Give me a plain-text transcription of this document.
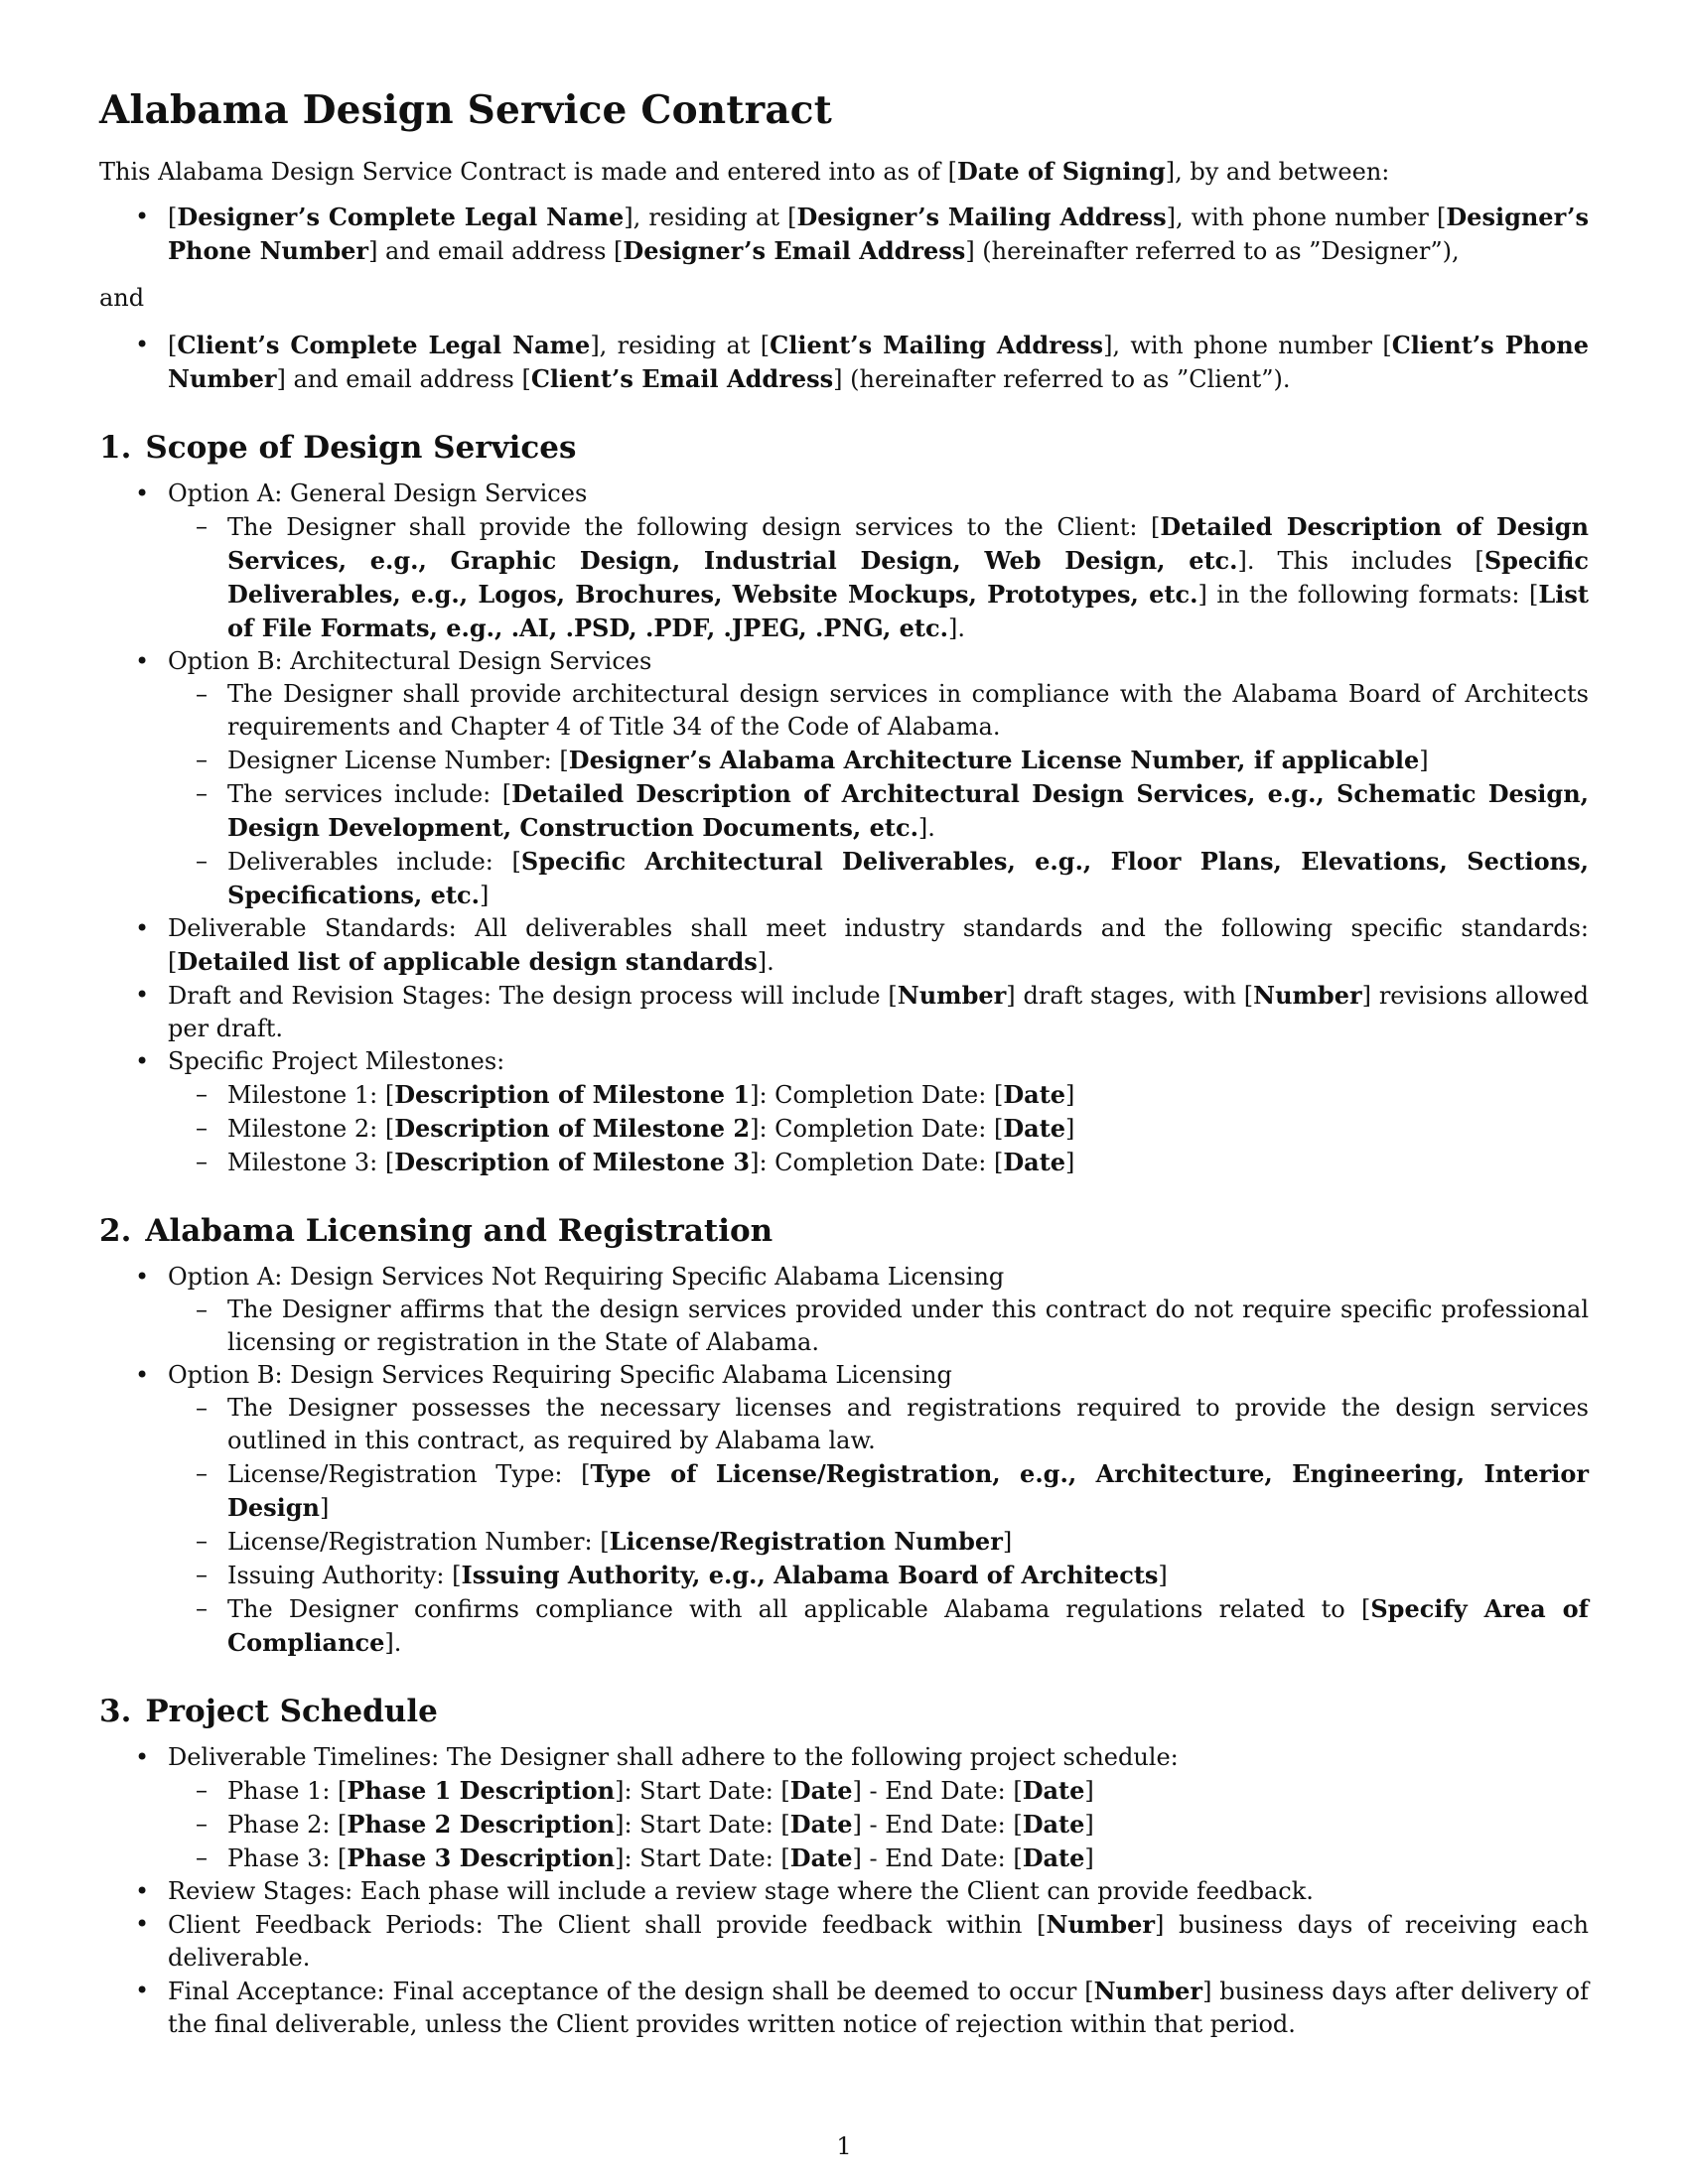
Alabama Design Service Contract

This Alabama Design Service Contract is made and entered into as of [Date of Signing], by and between:

• [Designer’s Complete Legal Name], residing at [Designer’s Mailing Address], with phone number [Designer’s Phone Number] and email address [Designer’s Email Address] (hereinafter referred to as ”Designer”),

and

• [Client’s Complete Legal Name], residing at [Client’s Mailing Address], with phone number [Client’s Phone Number] and email address [Client’s Email Address] (hereinafter referred to as ”Client”).
1. Scope of Design Services
• Option A: General Design Services
– The Designer shall provide the following design services to the Client: [Detailed Description of Design Services, e.g., Graphic Design, Industrial Design, Web Design, etc.]. This includes [Specific Deliverables, e.g., Logos, Brochures, Website Mockups, Prototypes, etc.] in the following formats: [List of File Formats, e.g., .AI, .PSD, .PDF, .JPEG, .PNG, etc.].
• Option B: Architectural Design Services
– The Designer shall provide architectural design services in compliance with the Alabama Board of Architects requirements and Chapter 4 of Title 34 of the Code of Alabama.
– Designer License Number: [Designer’s Alabama Architecture License Number, if applicable]
– The services include: [Detailed Description of Architectural Design Services, e.g., Schematic Design, Design Development, Construction Documents, etc.].
– Deliverables include: [Specific Architectural Deliverables, e.g., Floor Plans, Elevations, Sections, Specifications, etc.]
• Deliverable Standards: All deliverables shall meet industry standards and the following specific standards: [Detailed list of applicable design standards].
• Draft and Revision Stages: The design process will include [Number] draft stages, with [Number] revisions allowed per draft.
• Specific Project Milestones:
– Milestone 1: [Description of Milestone 1]: Completion Date: [Date]
– Milestone 2: [Description of Milestone 2]: Completion Date: [Date]
– Milestone 3: [Description of Milestone 3]: Completion Date: [Date]
2. Alabama Licensing and Registration
• Option A: Design Services Not Requiring Specific Alabama Licensing
– The Designer affirms that the design services provided under this contract do not require specific professional licensing or registration in the State of Alabama.
• Option B: Design Services Requiring Specific Alabama Licensing
– The Designer possesses the necessary licenses and registrations required to provide the design services outlined in this contract, as required by Alabama law.
– License/Registration Type: [Type of License/Registration, e.g., Architecture, Engineering, Interior Design]
– License/Registration Number: [License/Registration Number]
– Issuing Authority: [Issuing Authority, e.g., Alabama Board of Architects]
– The Designer confirms compliance with all applicable Alabama regulations related to [Specify Area of Compliance].
3. Project Schedule
• Deliverable Timelines: The Designer shall adhere to the following project schedule:
– Phase 1: [Phase 1 Description]: Start Date: [Date] - End Date: [Date]
– Phase 2: [Phase 2 Description]: Start Date: [Date] - End Date: [Date]
– Phase 3: [Phase 3 Description]: Start Date: [Date] - End Date: [Date]
• Review Stages: Each phase will include a review stage where the Client can provide feedback.
• Client Feedback Periods: The Client shall provide feedback within [Number] business days of receiving each deliverable.
• Final Acceptance: Final acceptance of the design shall be deemed to occur [Number] business days after delivery of the final deliverable, unless the Client provides written notice of rejection within that period.
1
